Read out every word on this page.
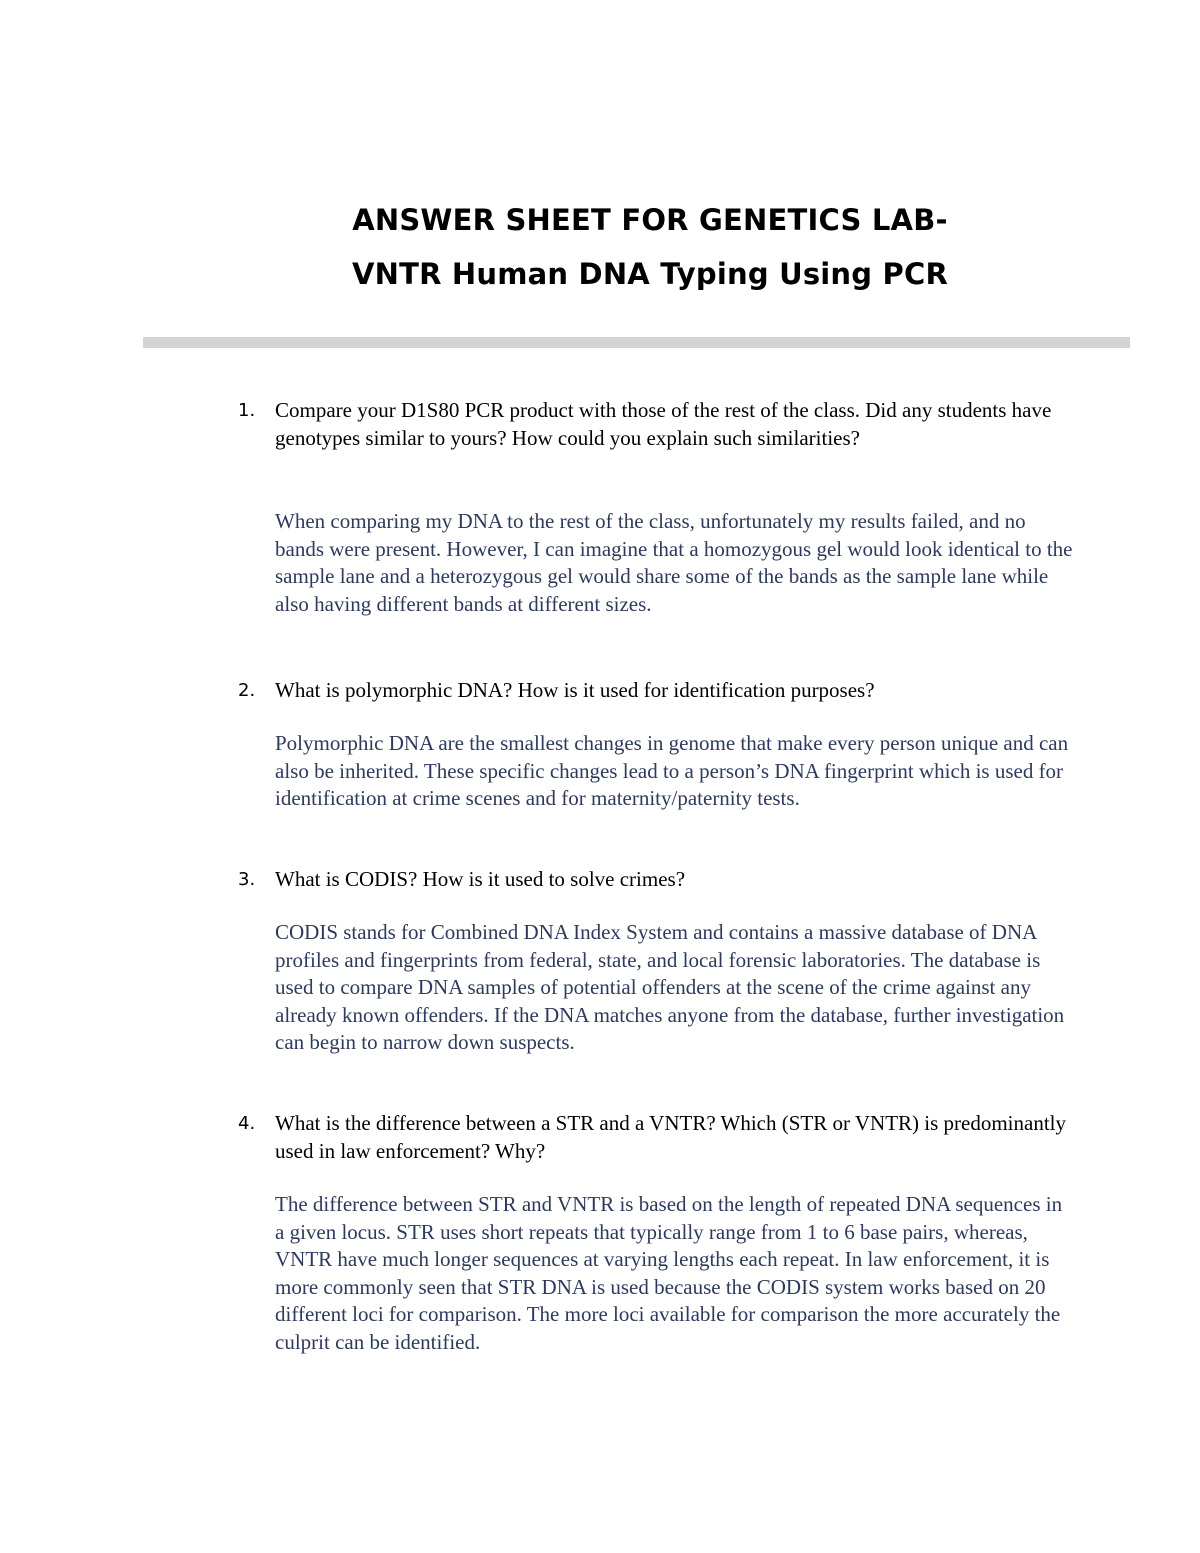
ANSWER SHEET FOR GENETICS LAB-
VNTR Human DNA Typing Using PCR
1. Compare your D1S80 PCR product with those of the rest of the class. Did any students have genotypes similar to yours? How could you explain such similarities?

When comparing my DNA to the rest of the class, unfortunately my results failed, and no bands were present. However, I can imagine that a homozygous gel would look identical to the sample lane and a heterozygous gel would share some of the bands as the sample lane while also having different bands at different sizes.

2. What is polymorphic DNA? How is it used for identification purposes?

Polymorphic DNA are the smallest changes in genome that make every person unique and can also be inherited. These specific changes lead to a person’s DNA fingerprint which is used for identification at crime scenes and for maternity/paternity tests.

3. What is CODIS? How is it used to solve crimes?

CODIS stands for Combined DNA Index System and contains a massive database of DNA profiles and fingerprints from federal, state, and local forensic laboratories. The database is used to compare DNA samples of potential offenders at the scene of the crime against any already known offenders. If the DNA matches anyone from the database, further investigation can begin to narrow down suspects.

4. What is the difference between a STR and a VNTR? Which (STR or VNTR) is predominantly used in law enforcement? Why?

The difference between STR and VNTR is based on the length of repeated DNA sequences in a given locus. STR uses short repeats that typically range from 1 to 6 base pairs, whereas, VNTR have much longer sequences at varying lengths each repeat. In law enforcement, it is more commonly seen that STR DNA is used because the CODIS system works based on 20 different loci for comparison. The more loci available for comparison the more accurately the culprit can be identified.
